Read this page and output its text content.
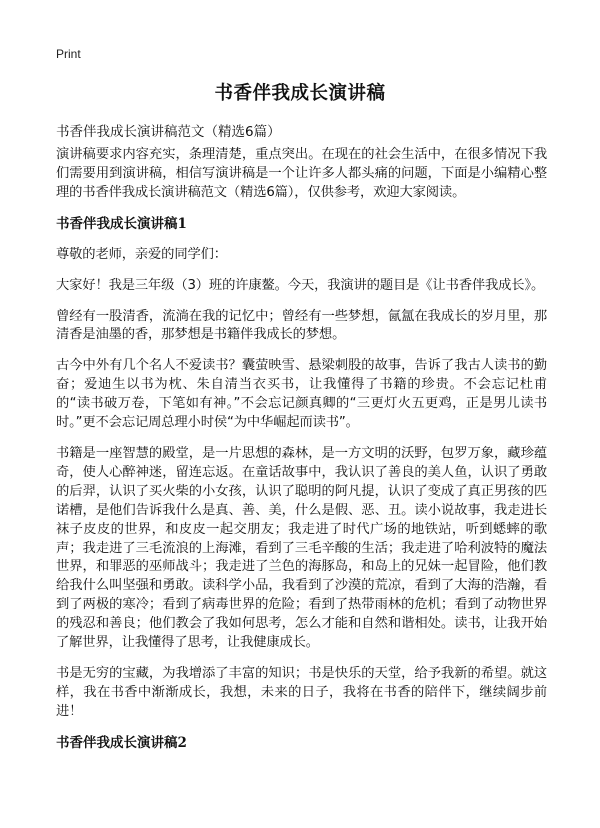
Print
书香伴我成长演讲稿
书香伴我成长演讲稿范文（精选6篇）

演讲稿要求内容充实，条理清楚，重点突出。在现在的社会生活中，在很多情况下我们需要用到演讲稿，相信写演讲稿是一个让许多人都头痛的问题，下面是小编精心整理的书香伴我成长演讲稿范文（精选6篇），仅供参考，欢迎大家阅读。

书香伴我成长演讲稿1

尊敬的老师，亲爱的同学们：

大家好！我是三年级（3）班的许康鳌。今天，我演讲的题目是《让书香伴我成长》。

曾经有一股清香，流淌在我的记忆中；曾经有一些梦想，氤氲在我成长的岁月里，那清香是油墨的香，那梦想是书籍伴我成长的梦想。

古今中外有几个名人不爱读书？囊萤映雪、悬梁刺股的故事，告诉了我古人读书的勤奋；爱迪生以书为枕、朱自清当衣买书，让我懂得了书籍的珍贵。不会忘记杜甫的“读书破万卷，下笔如有神。”不会忘记颜真卿的“三更灯火五更鸡，正是男儿读书时。”更不会忘记周总理小时侯“为中华崛起而读书”。

书籍是一座智慧的殿堂，是一片思想的森林，是一方文明的沃野，包罗万象，藏珍蕴奇，使人心醉神迷，留连忘返。在童话故事中，我认识了善良的美人鱼，认识了勇敢的后羿，认识了买火柴的小女孩，认识了聪明的阿凡提，认识了变成了真正男孩的匹诺槽，是他们告诉我什么是真、善、美，什么是假、恶、丑。读小说故事，我走进长袜子皮皮的世界，和皮皮一起交朋友；我走进了时代广场的地铁站，听到蟋蟀的歌声；我走进了三毛流浪的上海滩，看到了三毛辛酸的生活；我走进了哈利波特的魔法世界，和罪恶的巫师战斗；我走进了兰色的海豚岛，和岛上的兄妹一起冒险，他们教给我什么叫坚强和勇敢。读科学小品，我看到了沙漠的荒凉，看到了大海的浩瀚，看到了两极的寒冷；看到了病毒世界的危险；看到了热带雨林的危机；看到了动物世界的残忍和善良；他们教会了我如何思考，怎么才能和自然和谐相处。读书，让我开始了解世界，让我懂得了思考，让我健康成长。

书是无穷的宝藏，为我增添了丰富的知识；书是快乐的天堂，给予我新的希望。就这样，我在书香中渐渐成长，我想，未来的日子，我将在书香的陪伴下，继续阔步前进！

书香伴我成长演讲稿2
